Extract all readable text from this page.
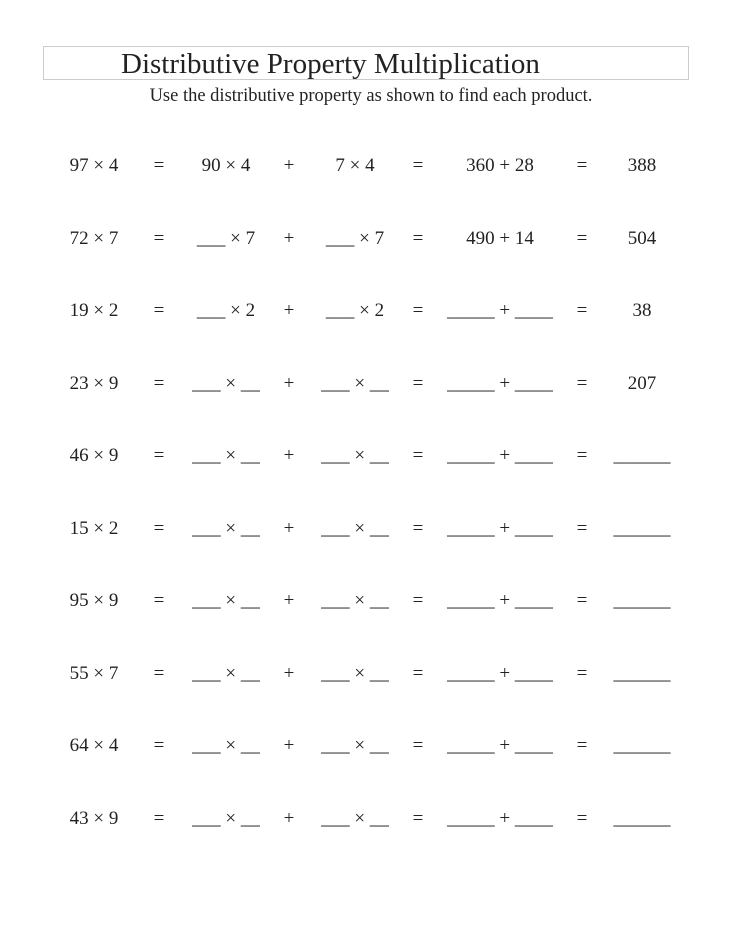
Distributive Property Multiplication
Use the distributive property as shown to find each product.
97 × 4 = 90 × 4 + 7 × 4 = 360 + 28 = 388
72 × 7 = ___ × 7 + ___ × 7 = 490 + 14 = 504
19 × 2 = ___ × 2 + ___ × 2 = _____ + ____ = 38
23 × 9 = ___ × __ + ___ × __ = _____ + ____ = 207
46 × 9 = ___ × __ + ___ × __ = _____ + ____ = ______
15 × 2 = ___ × __ + ___ × __ = _____ + ____ = ______
95 × 9 = ___ × __ + ___ × __ = _____ + ____ = ______
55 × 7 = ___ × __ + ___ × __ = _____ + ____ = ______
64 × 4 = ___ × __ + ___ × __ = _____ + ____ = ______
43 × 9 = ___ × __ + ___ × __ = _____ + ____ = ______
